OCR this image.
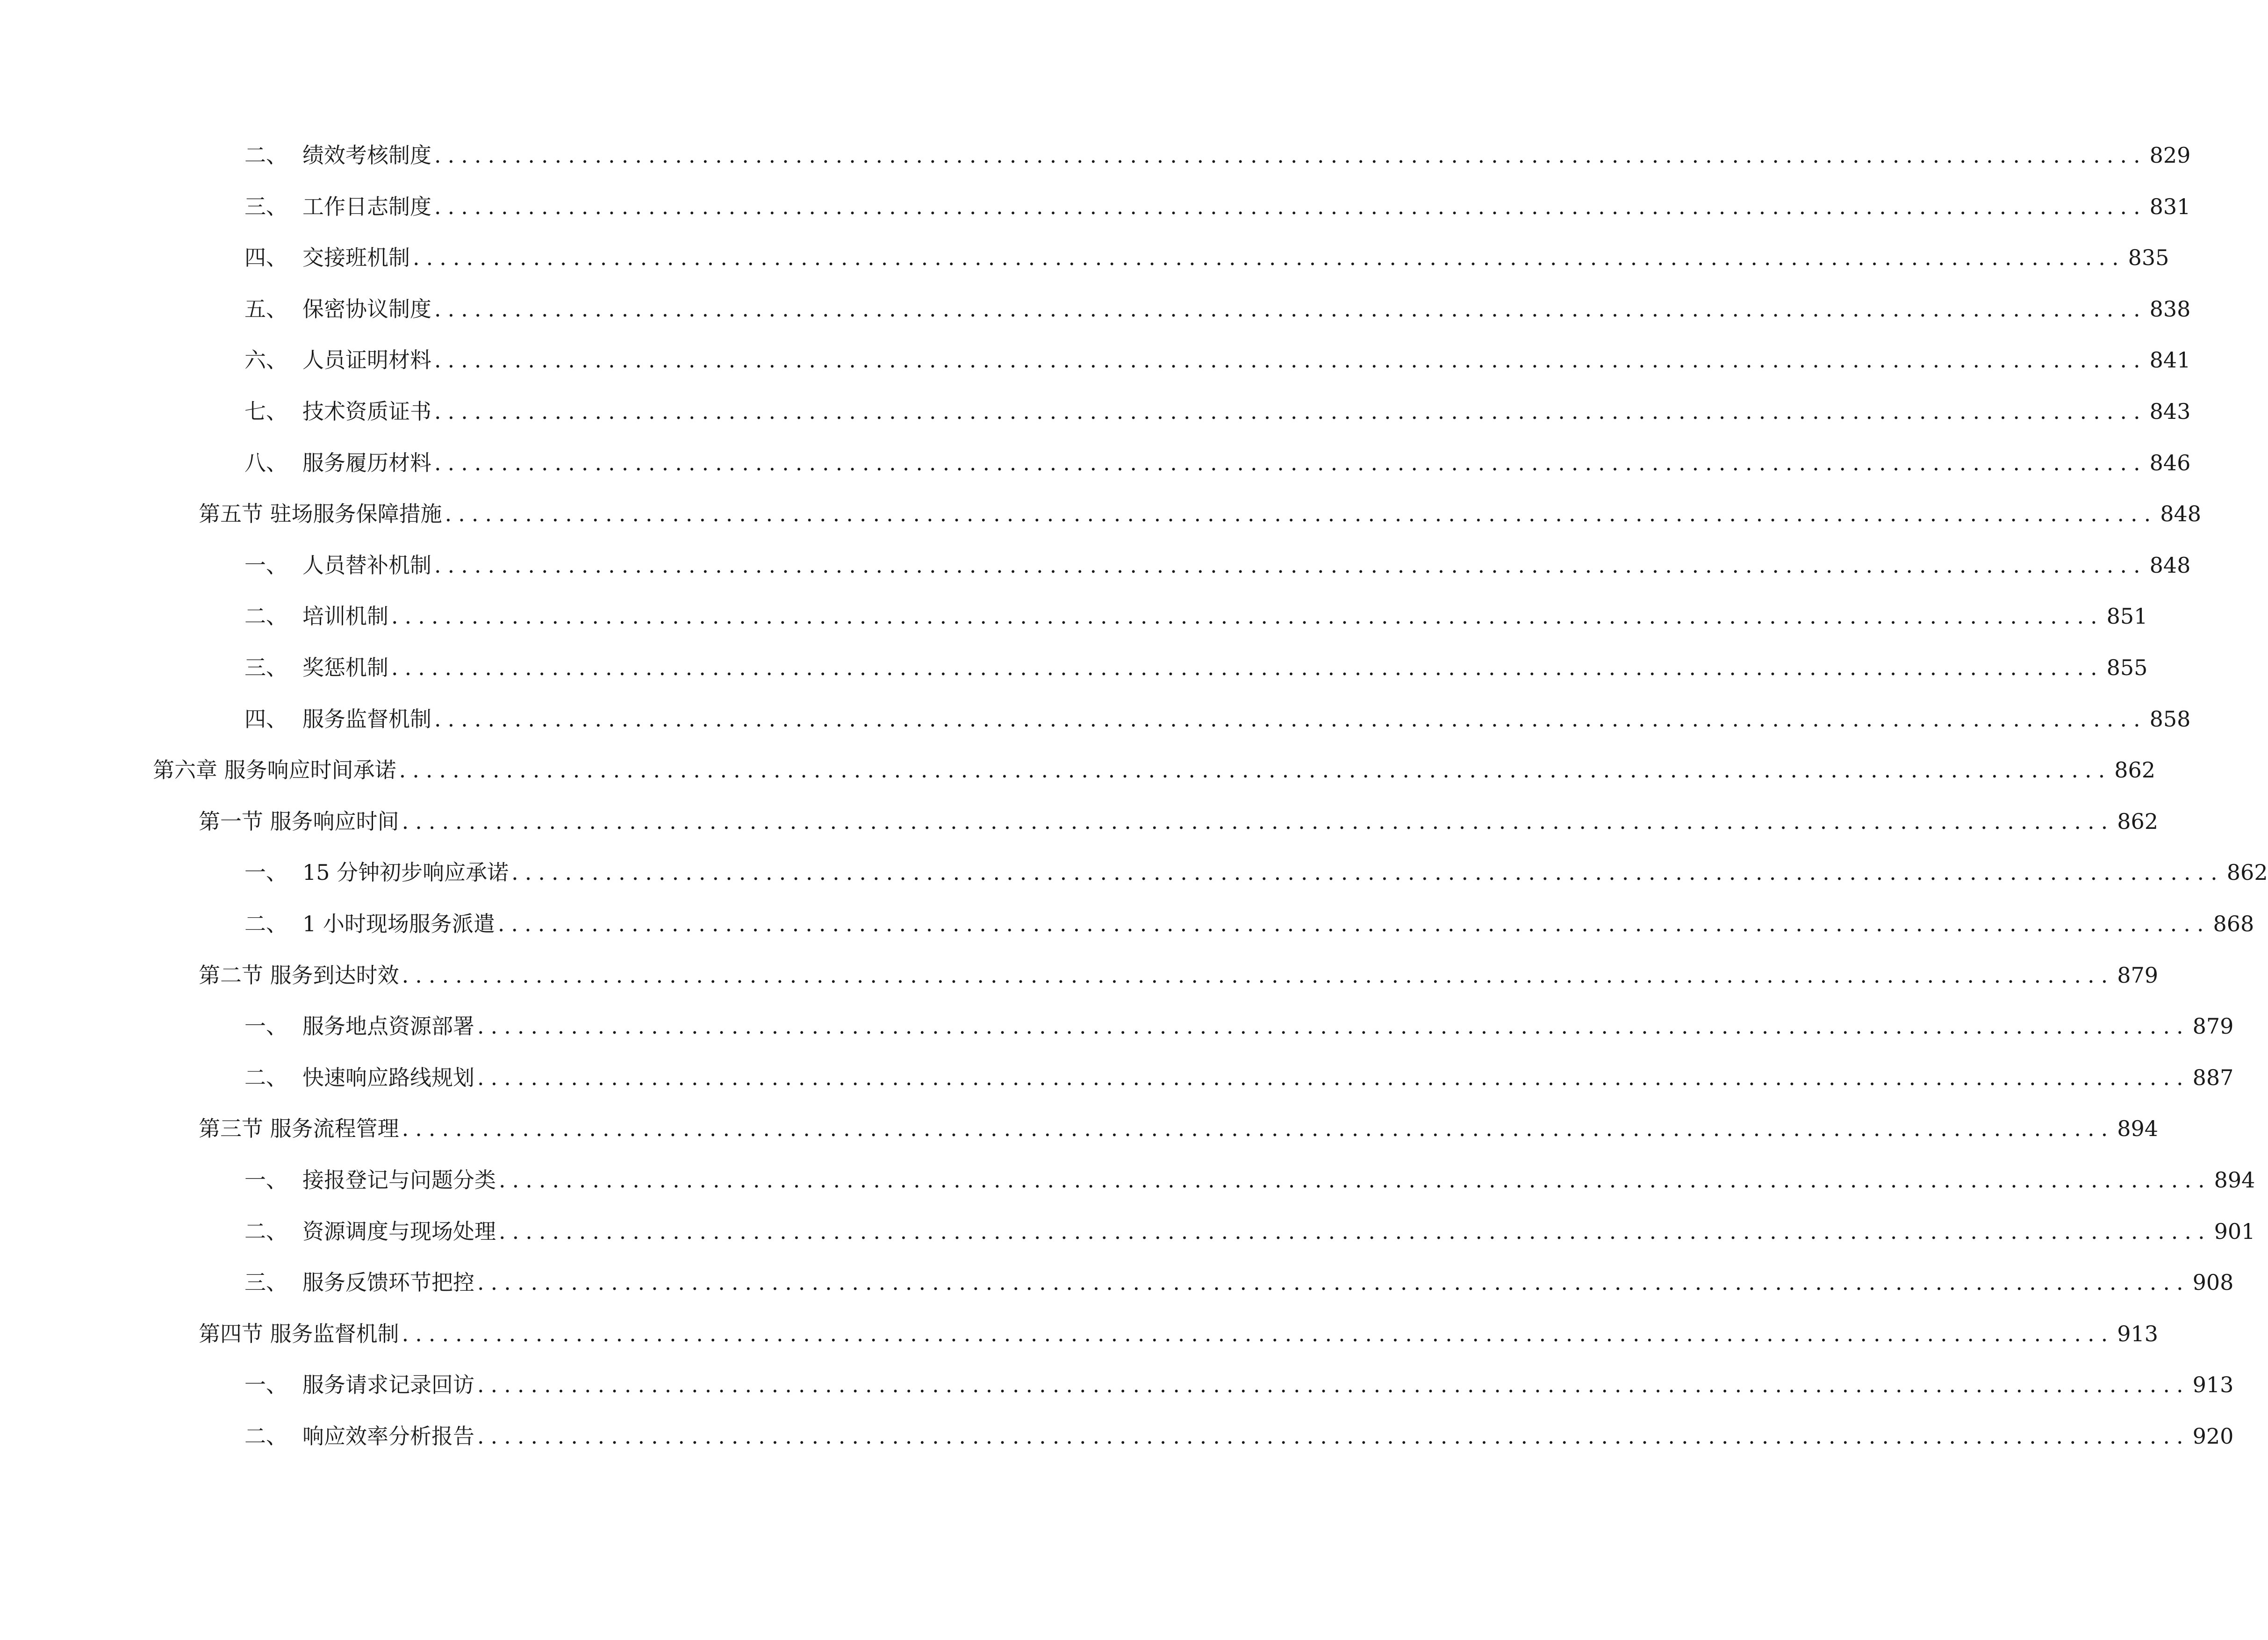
二、 绩效考核制度 ................................................................................................................................ 829
三、 工作日志制度 ................................................................................................................................ 831
四、 交接班机制 ................................................................................................................................ 835
五、 保密协议制度 ................................................................................................................................ 838
六、 人员证明材料 ................................................................................................................................ 841
七、 技术资质证书 ................................................................................................................................ 843
八、 服务履历材料 ................................................................................................................................ 846
第五节 驻场服务保障措施 ................................................................................................................................ 848
一、 人员替补机制 ................................................................................................................................ 848
二、 培训机制 ................................................................................................................................ 851
三、 奖惩机制 ................................................................................................................................ 855
四、 服务监督机制 ................................................................................................................................ 858
第六章 服务响应时间承诺 ................................................................................................................................ 862
第一节 服务响应时间 ................................................................................................................................ 862
一、 15 分钟初步响应承诺 ................................................................................................................................ 862
二、 1 小时现场服务派遣 ................................................................................................................................ 868
第二节 服务到达时效 ................................................................................................................................ 879
一、 服务地点资源部署 ................................................................................................................................ 879
二、 快速响应路线规划 ................................................................................................................................ 887
第三节 服务流程管理 ................................................................................................................................ 894
一、 接报登记与问题分类 ................................................................................................................................ 894
二、 资源调度与现场处理 ................................................................................................................................ 901
三、 服务反馈环节把控 ................................................................................................................................ 908
第四节 服务监督机制 ................................................................................................................................ 913
一、 服务请求记录回访 ................................................................................................................................ 913
二、 响应效率分析报告 ................................................................................................................................ 920
